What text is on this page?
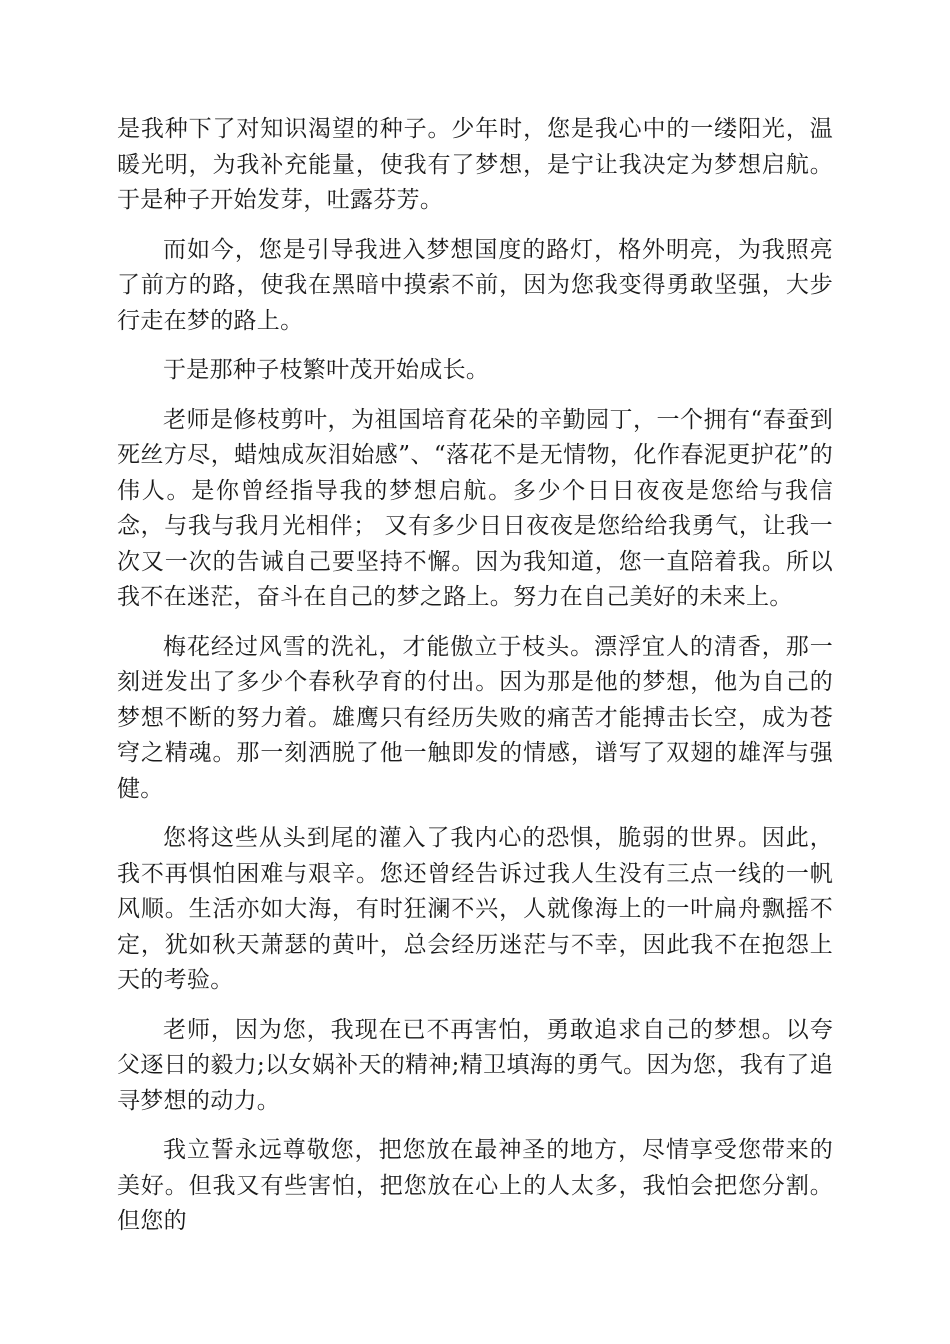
是我种下了对知识渴望的种子。少年时，您是我心中的一缕阳光，温暖光明，为我补充能量，使我有了梦想，是宁让我决定为梦想启航。于是种子开始发芽，吐露芬芳。

而如今，您是引导我进入梦想国度的路灯，格外明亮，为我照亮了前方的路，使我在黑暗中摸索不前，因为您我变得勇敢坚强，大步行走在梦的路上。

于是那种子枝繁叶茂开始成长。

老师是修枝剪叶，为祖国培育花朵的辛勤园丁，一个拥有“春蚕到死丝方尽，蜡烛成灰泪始感”、“落花不是无情物，化作春泥更护花”的伟人。是你曾经指导我的梦想启航。多少个日日夜夜是您给与我信念，与我与我月光相伴； 又有多少日日夜夜是您给给我勇气，让我一次又一次的告诫自己要坚持不懈。因为我知道，您一直陪着我。所以我不在迷茫，奋斗在自己的梦之路上。努力在自己美好的未来上。

梅花经过风雪的洗礼，才能傲立于枝头。漂浮宜人的清香，那一刻迸发出了多少个春秋孕育的付出。因为那是他的梦想，他为自己的梦想不断的努力着。雄鹰只有经历失败的痛苦才能搏击长空，成为苍穹之精魂。那一刻洒脱了他一触即发的情感，谱写了双翅的雄浑与强健。

您将这些从头到尾的灌入了我内心的恐惧，脆弱的世界。因此，我不再惧怕困难与艰辛。您还曾经告诉过我人生没有三点一线的一帆风顺。生活亦如大海，有时狂澜不兴，人就像海上的一叶扁舟飘摇不定，犹如秋天萧瑟的黄叶，总会经历迷茫与不幸，因此我不在抱怨上天的考验。

老师，因为您，我现在已不再害怕，勇敢追求自己的梦想。以夸父逐日的毅力;以女娲补天的精神;精卫填海的勇气。因为您，我有了追寻梦想的动力。

我立誓永远尊敬您，把您放在最神圣的地方，尽情享受您带来的美好。但我又有些害怕，把您放在心上的人太多，我怕会把您分割。但您的
